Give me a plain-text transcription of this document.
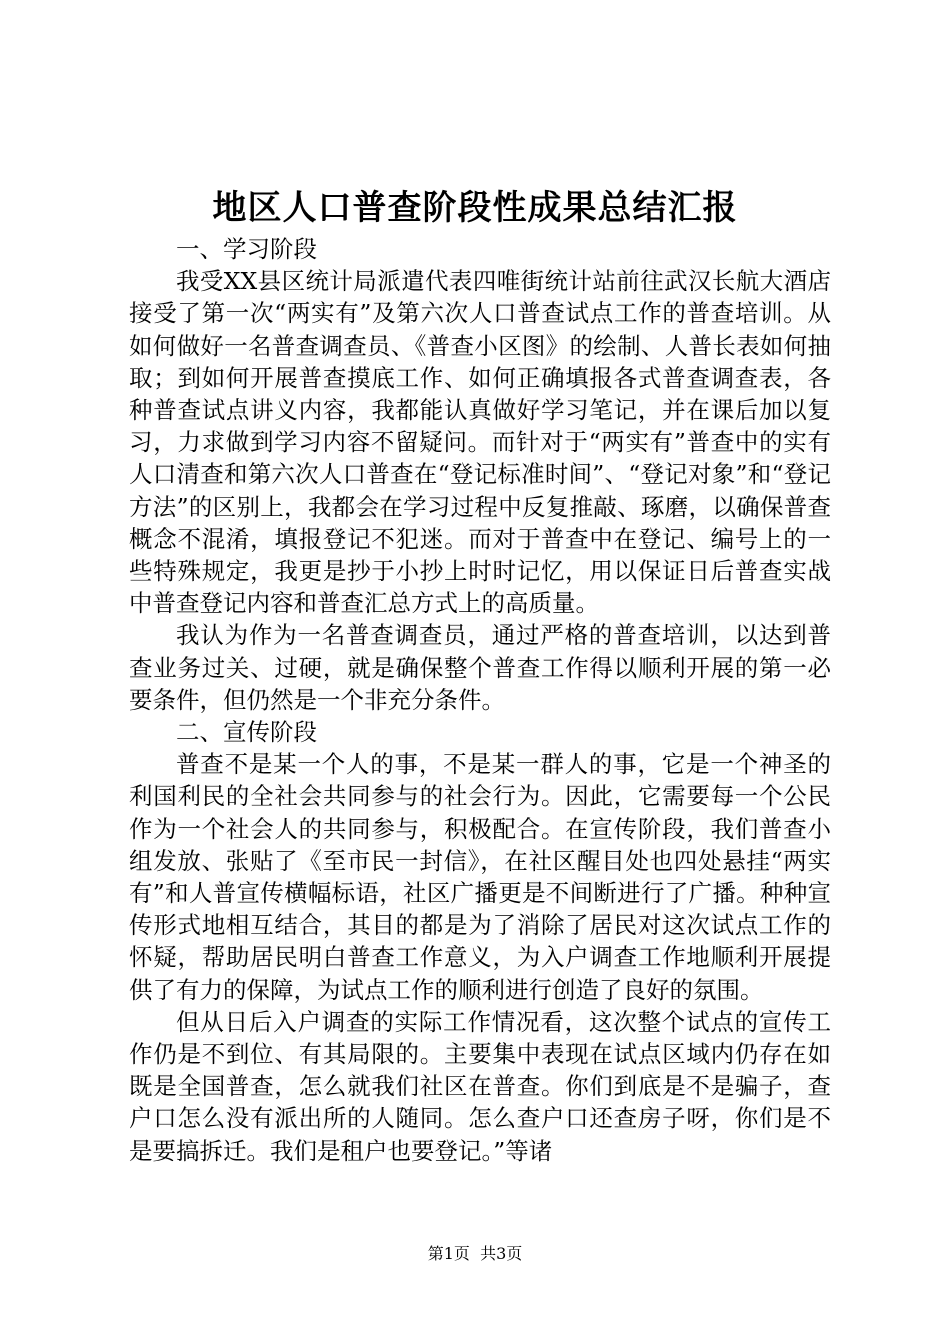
地区人口普查阶段性成果总结汇报

一、学习阶段

我受XX县区统计局派遣代表四唯街统计站前往武汉长航大酒店接受了第一次“两实有”及第六次人口普查试点工作的普查培训。从如何做好一名普查调查员、《普查小区图》的绘制、人普长表如何抽取；到如何开展普查摸底工作、如何正确填报各式普查调查表，各种普查试点讲义内容，我都能认真做好学习笔记，并在课后加以复习，力求做到学习内容不留疑问。而针对于“两实有”普查中的实有人口清查和第六次人口普查在“登记标准时间”、“登记对象”和“登记方法”的区别上，我都会在学习过程中反复推敲、琢磨，以确保普查概念不混淆，填报登记不犯迷。而对于普查中在登记、编号上的一些特殊规定，我更是抄于小抄上时时记忆，用以保证日后普查实战中普查登记内容和普查汇总方式上的高质量。

我认为作为一名普查调查员，通过严格的普查培训，以达到普查业务过关、过硬，就是确保整个普查工作得以顺利开展的第一必要条件，但仍然是一个非充分条件。

二、宣传阶段

普查不是某一个人的事，不是某一群人的事，它是一个神圣的利国利民的全社会共同参与的社会行为。因此，它需要每一个公民作为一个社会人的共同参与，积极配合。在宣传阶段，我们普查小组发放、张贴了《至市民一封信》，在社区醒目处也四处悬挂“两实有”和人普宣传横幅标语，社区广播更是不间断进行了广播。种种宣传形式地相互结合，其目的都是为了消除了居民对这次试点工作的怀疑，帮助居民明白普查工作意义，为入户调查工作地顺利开展提供了有力的保障，为试点工作的顺利进行创造了良好的氛围。

但从日后入户调查的实际工作情况看，这次整个试点的宣传工作仍是不到位、有其局限的。主要集中表现在试点区域内仍存在如既是全国普查，怎么就我们社区在普查。你们到底是不是骗子，查户口怎么没有派出所的人随同。怎么查户口还查房子呀，你们是不是要搞拆迁。我们是租户也要登记。”等诸

第1页  共3页
